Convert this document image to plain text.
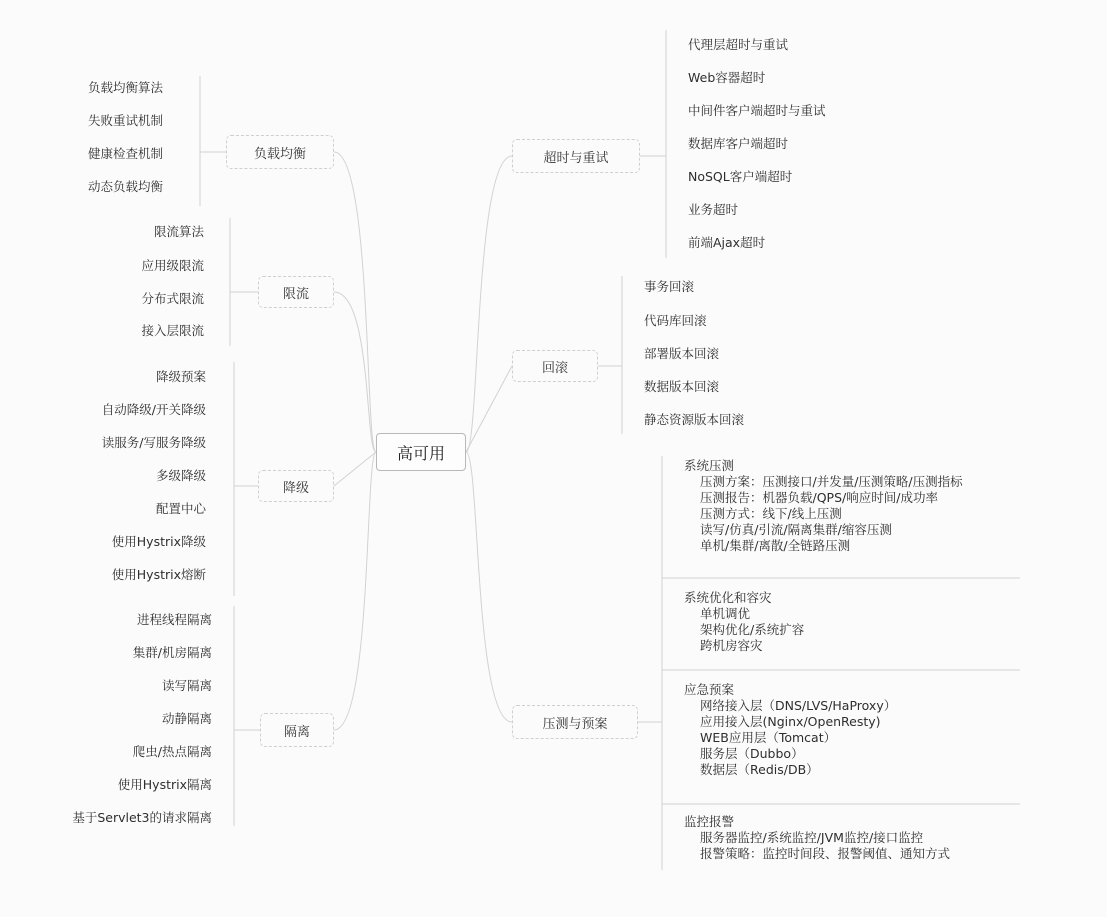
高可用
负载均衡
限流
降级
隔离
超时与重试
回滚
压测与预案
负载均衡算法
失败重试机制
健康检查机制
动态负载均衡
限流算法
应用级限流
分布式限流
接入层限流
降级预案
自动降级/开关降级
读服务/写服务降级
多级降级
配置中心
使用Hystrix降级
使用Hystrix熔断
进程线程隔离
集群/机房隔离
读写隔离
动静隔离
爬虫/热点隔离
使用Hystrix隔离
基于Servlet3的请求隔离
代理层超时与重试
Web容器超时
中间件客户端超时与重试
数据库客户端超时
NoSQL客户端超时
业务超时
前端Ajax超时
事务回滚
代码库回滚
部署版本回滚
数据版本回滚
静态资源版本回滚
系统压测
压测方案：压测接口/并发量/压测策略/压测指标
压测报告：机器负载/QPS/响应时间/成功率
压测方式：线下/线上压测
读写/仿真/引流/隔离集群/缩容压测
单机/集群/离散/全链路压测
系统优化和容灾
单机调优
架构优化/系统扩容
跨机房容灾
应急预案
网络接入层（DNS/LVS/HaProxy）
应用接入层(Nginx/OpenResty)
WEB应用层（Tomcat）
服务层（Dubbo）
数据层（Redis/DB）
监控报警
服务器监控/系统监控/JVM监控/接口监控
报警策略：监控时间段、报警阈值、通知方式
